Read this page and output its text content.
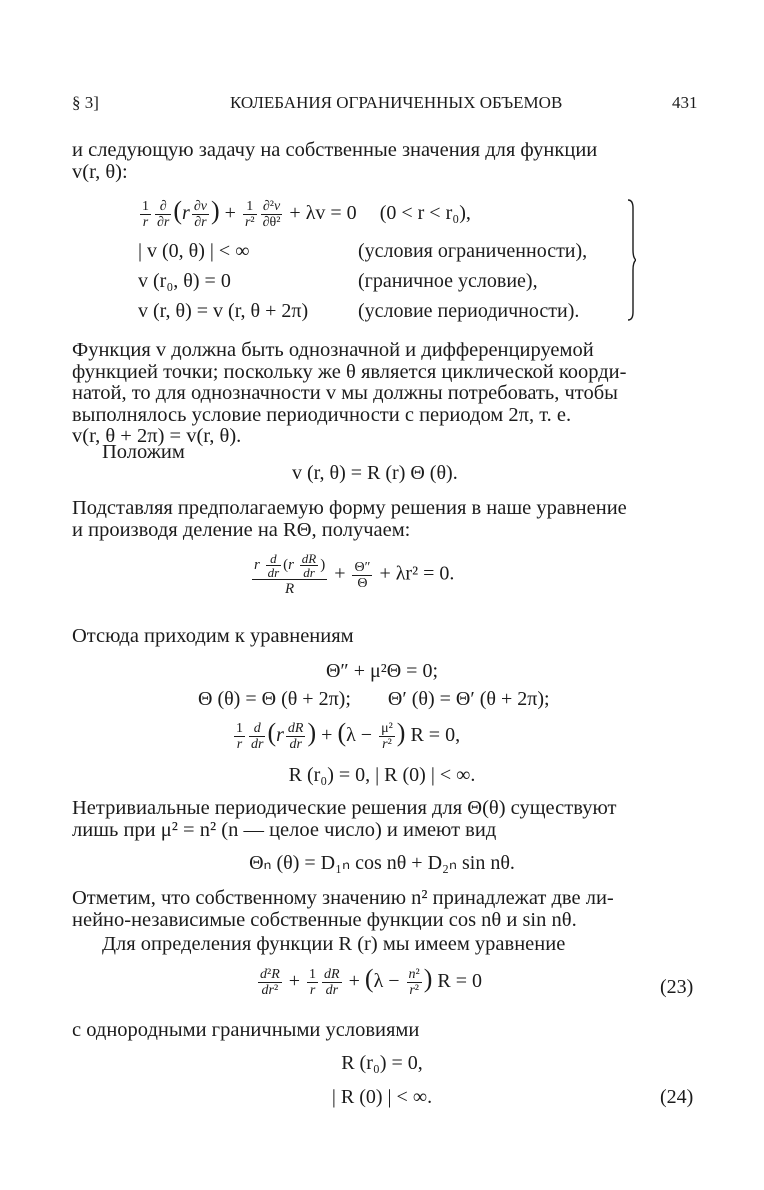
§ 3]	КОЛЕБАНИЯ ОГРАНИЧЕННЫХ ОБЪЕМОВ	431
и следующую задачу на собственные значения для функции
v(r, θ):
$\frac{1}{r} \frac{\partial}{\partial r} (r \frac{\partial v}{\partial r}$ ) + $\frac{1}{\text{r²}} \frac{\text{∂²v}}{\text{∂θ²}} + \lambda v = 0$ (0 < r < r₀),
| v (0, θ) | < ∞	(условия ограниченности),
v (r₀, θ) = 0	(граничное условие),
v (r, θ) = v (r, θ + 2π) (условие периодичности).
Функция v должна быть однозначной и дифференцируемой
функцией точки; поскольку же θ является циклической коорди-
натой, то для однозначности v мы должны потребовать, чтобы
выполнялось условие периодичности с периодом 2π, т. е.
v(r, θ + 2π) = v(r, θ).
Положим
v (r, θ) = R (r) Θ (θ).
Подставляя предполагаемую форму решения в наше уравнение
и производя деление на RΘ, получаем:
$\frac{r \frac{d}{dr} (r \frac{dR}{dr} )}{R} + \frac{\Theta''}{\Theta} + \lambda r^2 = 0$.
Отсюда приходим к уравнениям
Θ″ + μ²Θ = 0;
Θ (θ) = Θ (θ + 2π); Θ′ (θ) = Θ′ (θ + 2π);
$\frac{1}{r} \frac{d}{dr} (r \frac{dR}{dr}$ ) + ($\lambda - \frac{\text{μ²}}{\text{r²}}$ ) R = 0,
R (r₀) = 0, | R (0) | < ∞.
Нетривиальные периодические решения для Θ(θ) существуют
лишь при μ² = n² (n — целое число) и имеют вид
Θₙ (θ) = D₁ₙ cos nθ + D₂ₙ sin nθ.
Отметим, что собственному значению n² принадлежат две ли-
нейно-независимые собственные функции cos nθ и sin nθ.
Для определения функции R (r) мы имеем уравнение
$\frac{\text{d²R}}{\text{dr²}} + \frac{1}{r} \frac{dR}{dr} + (\lambda - \frac{\text{n²}}{\text{r²}}$ ) R = 0	(23)
с однородными граничными условиями
R (r₀) = 0,
| R (0) | < ∞.	(24)
